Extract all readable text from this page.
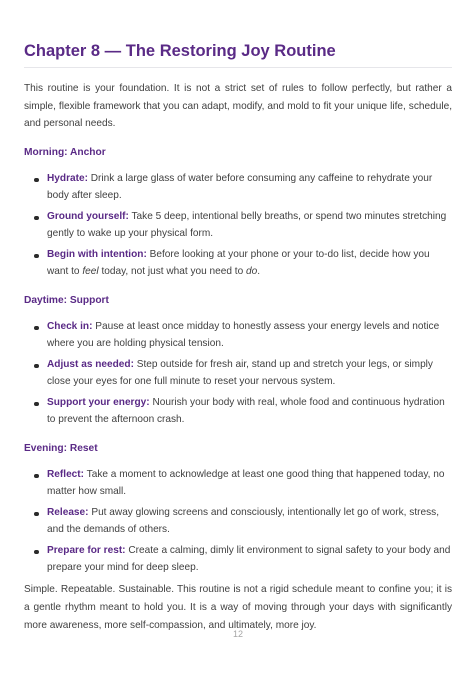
Chapter 8 — The Restoring Joy Routine

This routine is your foundation. It is not a strict set of rules to follow perfectly, but rather a simple, flexible framework that you can adapt, modify, and mold to fit your unique life, schedule, and personal needs.

Morning: Anchor
Hydrate: Drink a large glass of water before consuming any caffeine to rehydrate your body after sleep.
Ground yourself: Take 5 deep, intentional belly breaths, or spend two minutes stretching gently to wake up your physical form.
Begin with intention: Before looking at your phone or your to-do list, decide how you want to feel today, not just what you need to do.
Daytime: Support
Check in: Pause at least once midday to honestly assess your energy levels and notice where you are holding physical tension.
Adjust as needed: Step outside for fresh air, stand up and stretch your legs, or simply close your eyes for one full minute to reset your nervous system.
Support your energy: Nourish your body with real, whole food and continuous hydration to prevent the afternoon crash.
Evening: Reset
Reflect: Take a moment to acknowledge at least one good thing that happened today, no matter how small.
Release: Put away glowing screens and consciously, intentionally let go of work, stress, and the demands of others.
Prepare for rest: Create a calming, dimly lit environment to signal safety to your body and prepare your mind for deep sleep.

Simple. Repeatable. Sustainable. This routine is not a rigid schedule meant to confine you; it is a gentle rhythm meant to hold you. It is a way of moving through your days with significantly more awareness, more self-compassion, and ultimately, more joy.

12
